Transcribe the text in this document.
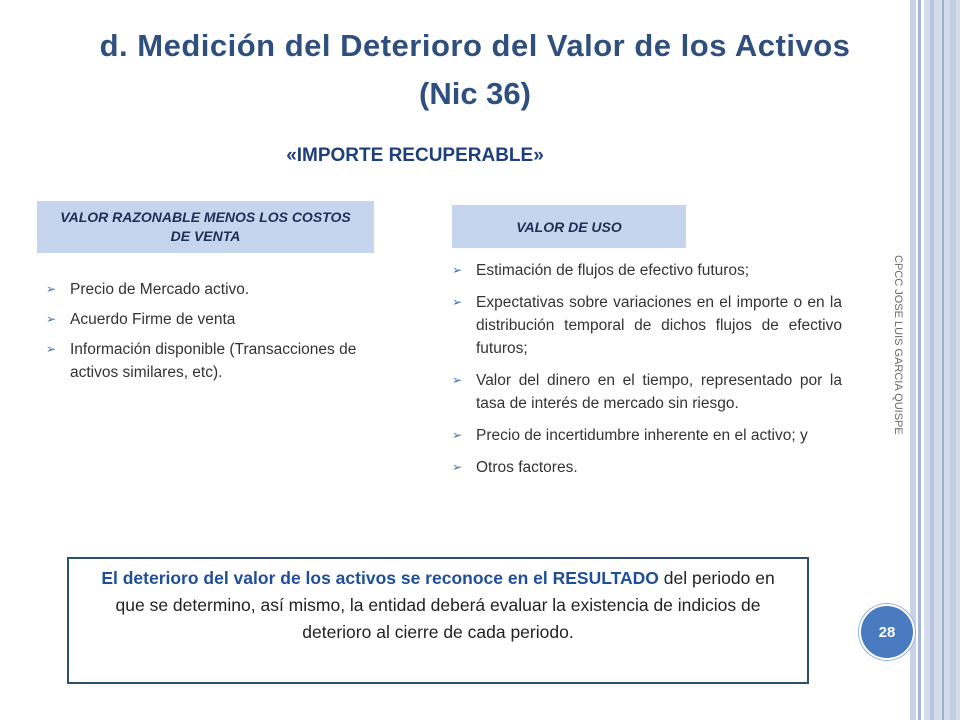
d. Medición del Deterioro del Valor de los Activos
(Nic 36)
«IMPORTE RECUPERABLE»
VALOR RAZONABLE MENOS LOS COSTOS DE VENTA
VALOR DE USO
➢ Precio de Mercado activo.
➢ Acuerdo Firme de venta
➢ Información disponible (Transacciones de activos similares, etc).
➢ Estimación de flujos de efectivo futuros;
➢ Expectativas sobre variaciones en el importe o en la distribución temporal de dichos flujos de efectivo futuros;
➢ Valor del dinero en el tiempo, representado por la tasa de interés de mercado sin riesgo.
➢ Precio de incertidumbre inherente en el activo; y
➢ Otros factores.
CPCC JOSE LUIS GARCIA QUISPE
El deterioro del valor de los activos se reconoce en el RESULTADO del periodo en que se determino, así mismo, la entidad deberá evaluar la existencia de indicios de deterioro al cierre de cada periodo.	28
